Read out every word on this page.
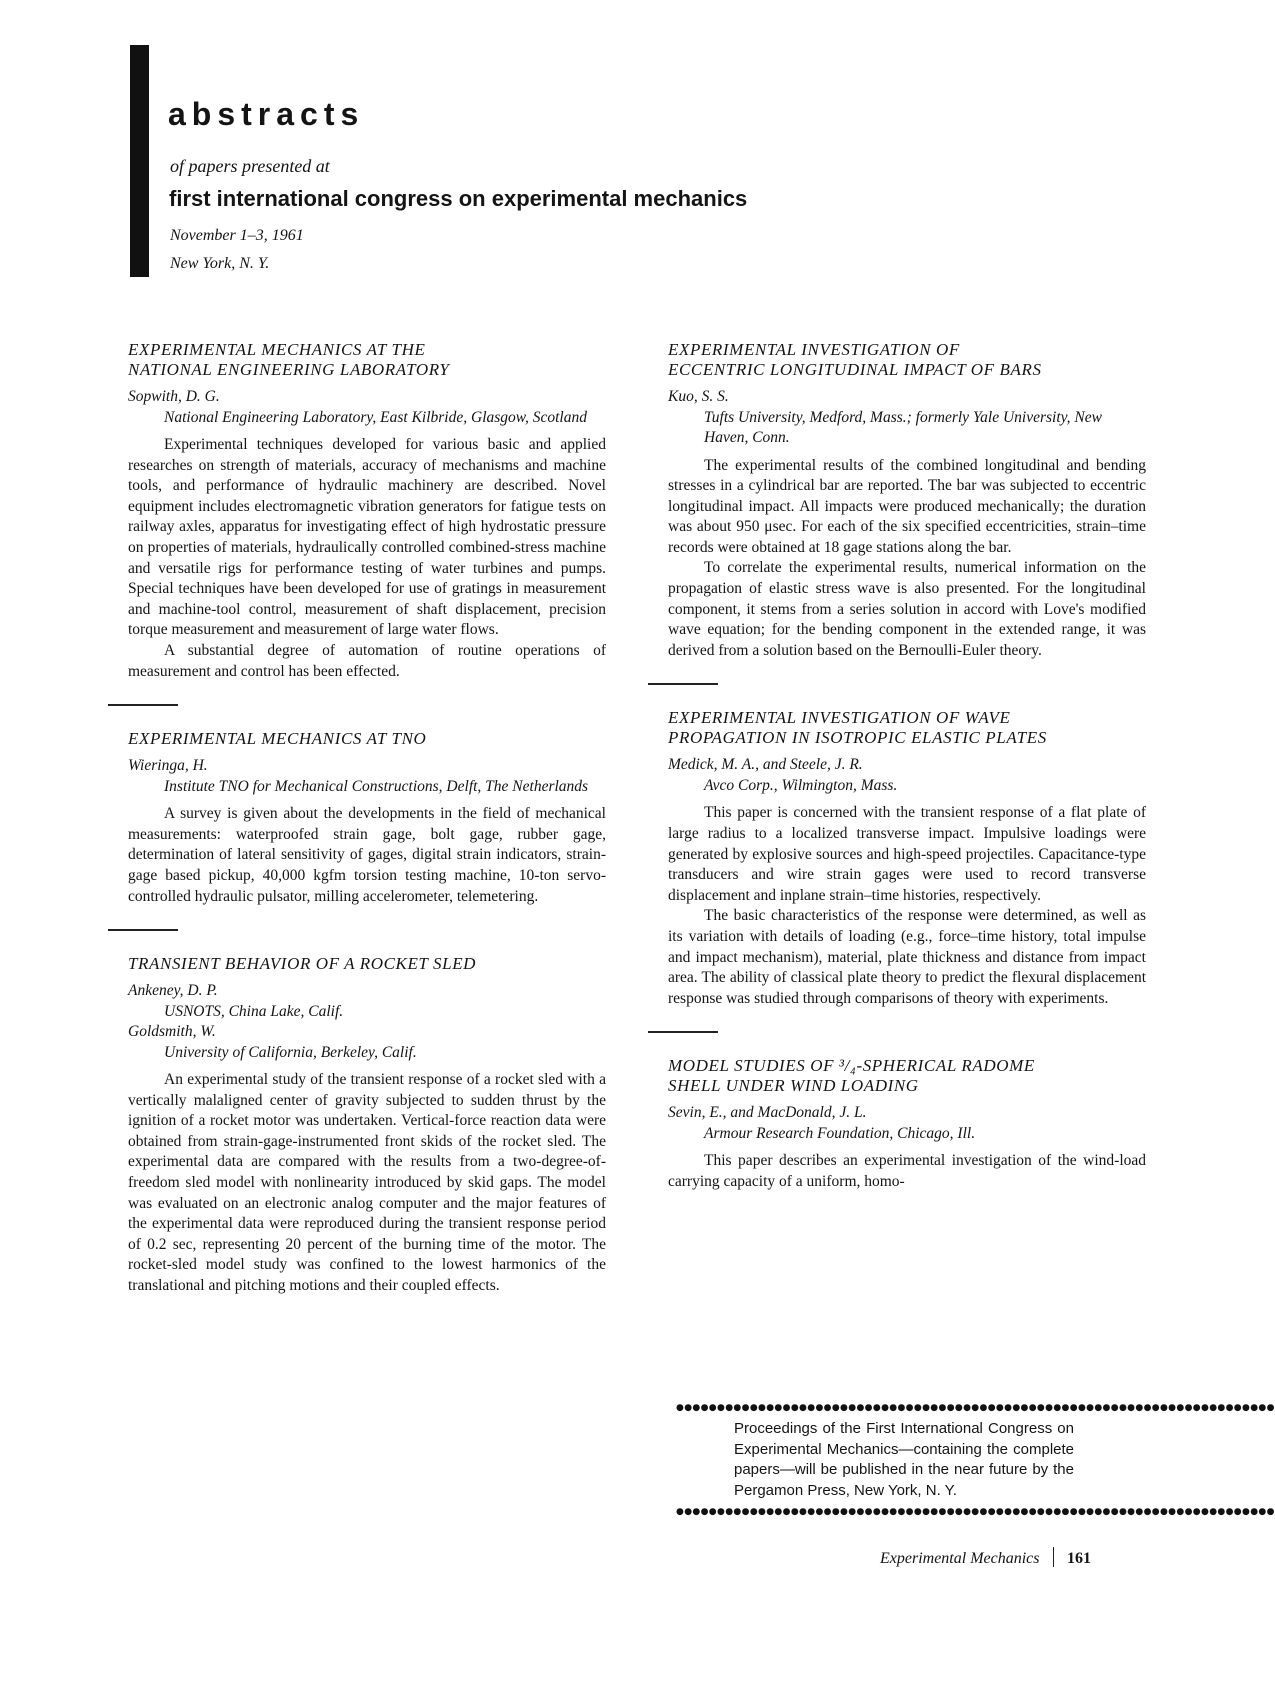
abstracts
of papers presented at
first international congress on experimental mechanics
November 1–3, 1961
New York, N. Y.
EXPERIMENTAL MECHANICS AT THE
NATIONAL ENGINEERING LABORATORY
Sopwith, D. G.
National Engineering Laboratory, East Kilbride, Glasgow, Scotland

Experimental techniques developed for various basic and applied researches on strength of materials, accuracy of mechanisms and machine tools, and performance of hydraulic machinery are described. Novel equipment includes electromagnetic vibration generators for fatigue tests on railway axles, apparatus for investigating effect of high hydrostatic pressure on properties of materials, hydraulically controlled combined-stress machine and versatile rigs for performance testing of water turbines and pumps. Special techniques have been developed for use of gratings in measurement and machine-tool control, measurement of shaft displacement, precision torque measurement and measurement of large water flows.

A substantial degree of automation of routine operations of measurement and control has been effected.

EXPERIMENTAL MECHANICS AT TNO
Wieringa, H.
Institute TNO for Mechanical Constructions, Delft, The Netherlands

A survey is given about the developments in the field of mechanical measurements: waterproofed strain gage, bolt gage, rubber gage, determination of lateral sensitivity of gages, digital strain indicators, strain-gage based pickup, 40,000 kgfm torsion testing machine, 10-ton servo-controlled hydraulic pulsator, milling accelerometer, telemetering.

TRANSIENT BEHAVIOR OF A ROCKET SLED
Ankeney, D. P.
USNOTS, China Lake, Calif.
Goldsmith, W.
University of California, Berkeley, Calif.

An experimental study of the transient response of a rocket sled with a vertically malaligned center of gravity subjected to sudden thrust by the ignition of a rocket motor was undertaken. Vertical-force reaction data were obtained from strain-gage-instrumented front skids of the rocket sled. The experimental data are compared with the results from a two-degree-of-freedom sled model with nonlinearity introduced by skid gaps. The model was evaluated on an electronic analog computer and the major features of the experimental data were reproduced during the transient response period of 0.2 sec, representing 20 percent of the burning time of the motor. The rocket-sled model study was confined to the lowest harmonics of the translational and pitching motions and their coupled effects.

EXPERIMENTAL INVESTIGATION OF
ECCENTRIC LONGITUDINAL IMPACT OF BARS
Kuo, S. S.
Tufts University, Medford, Mass.; formerly Yale University, New Haven, Conn.

The experimental results of the combined longitudinal and bending stresses in a cylindrical bar are reported. The bar was subjected to eccentric longitudinal impact. All impacts were produced mechanically; the duration was about 950 μsec. For each of the six specified eccentricities, strain–time records were obtained at 18 gage stations along the bar.

To correlate the experimental results, numerical information on the propagation of elastic stress wave is also presented. For the longitudinal component, it stems from a series solution in accord with Love's modified wave equation; for the bending component in the extended range, it was derived from a solution based on the Bernoulli-Euler theory.

EXPERIMENTAL INVESTIGATION OF WAVE
PROPAGATION IN ISOTROPIC ELASTIC PLATES
Medick, M. A., and Steele, J. R.
Avco Corp., Wilmington, Mass.

This paper is concerned with the transient response of a flat plate of large radius to a localized transverse impact. Impulsive loadings were generated by explosive sources and high-speed projectiles. Capacitance-type transducers and wire strain gages were used to record transverse displacement and inplane strain–time histories, respectively.

The basic characteristics of the response were determined, as well as its variation with details of loading (e.g., force–time history, total impulse and impact mechanism), material, plate thickness and distance from impact area. The ability of classical plate theory to predict the flexural displacement response was studied through comparisons of theory with experiments.

MODEL STUDIES OF ³/₄-SPHERICAL RADOME
SHELL UNDER WIND LOADING
Sevin, E., and MacDonald, J. L.
Armour Research Foundation, Chicago, Ill.

This paper describes an experimental investigation of the wind-load carrying capacity of a uniform, homo-

●●●●●●●●●●●●●●●●●●●●●●●●●●●●●●●●●●●●●●●●●●●●●●●●●●●●●●●●●●●●●●●●●●●●●●●●●
Proceedings of the First International Congress on Experimental Mechanics—containing the complete papers—will be published in the near future by the Pergamon Press, New York, N. Y.
●●●●●●●●●●●●●●●●●●●●●●●●●●●●●●●●●●●●●●●●●●●●●●●●●●●●●●●●●●●●●●●●●●●●●●●●●
Experimental Mechanics 161
